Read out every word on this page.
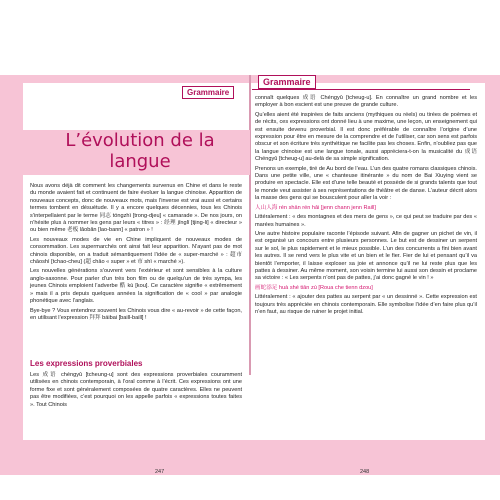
Grammaire
Grammaire
L’évolution de la langue

Nous avons déjà dit comment les changements survenus en Chine et dans le reste du monde avaient fait et continuent de faire évoluer la langue chinoise. Apparition de nouveaux concepts, donc de nouveaux mots, mais l’inverse est vrai aussi et certains termes tombent en désuétude. Il y a encore quelques décennies, tous les Chinois s’interpellaient par le terme 同志 tóngzhì [trong-djeu] « camarade ». De nos jours, on n’hésite plus à nommer les gens par leurs « titres » : 经理 jīnglǐ [tjing-li] « directeur » ou bien même 老板 lǎobǎn [lao-bann] « patron » !

Les nouveaux modes de vie en Chine impliquent de nouveaux modes de consommation. Les supermarchés ont ainsi fait leur apparition. N’ayant pas de mot chinois disponible, on a traduit sémantiquement l’idée de « super-marché » : 超市 chāoshì [tchao-cheu] (超 chāo « super » et 市 shì « marché »).

Les nouvelles générations s’ouvrent vers l’extérieur et sont sensibles à la culture anglo-saxonne. Pour parler d’un très bon film ou de quelqu’un de très sympa, les jeunes Chinois emploient l’adverbe 酷 kù [kou]. Ce caractère signifie « extrêmement » mais il a pris depuis quelques années la signification de « cool » par analogie phonétique avec l’anglais.

Bye-bye ? Vous entendrez souvent les Chinois vous dire « au-revoir » de cette façon, en utilisant l’expression 拜拜 báibai [baill-baill] !

Les expressions proverbiales

Les 成语 chéngyǔ [tcheung-u] sont des expressions proverbiales couramment utilisées en chinois contemporain, à l’oral comme à l’écrit. Ces expressions ont une forme fixe et sont généralement composées de quatre caractères. Elles ne peuvent pas être modifiées, c’est pourquoi on les appelle parfois « expressions toutes faites ». Tout Chinois

247

connaît quelques 成语 Chéngyǔ [tcheug-u]. En connaître un grand nombre et les employer à bon escient est une preuve de grande culture.

Qu’elles aient été inspirées de faits anciens (mythiques ou réels) ou tirées de poèmes et de récits, ces expressions ont donné lieu à une maxime, une leçon, un enseignement qui est ensuite devenu proverbial. Il est donc préférable de connaître l’origine d’une expression pour être en mesure de la comprendre et de l’utiliser, car son sens est parfois obscur et son écriture très synthétique ne facilite pas les choses. Enfin, n’oubliez pas que la langue chinoise est une langue tonale, aussi appréciera-t-on la musicalité du 成语 Chéngyǔ [tcheug-u] au-delà de sa simple signification.

Prenons un exemple, tiré de Au bord de l’eau. L’un des quatre romans classiques chinois. Dans une petite ville, une « chanteuse itinérante » du nom de Bai Xiuying vient se produire en spectacle. Elle est d’une telle beauté et possède de si grands talents que tout le monde veut assister à ses représentations de théâtre et de danse. L’auteur décrit alors la masse des gens qui se bousculent pour aller la voir :

人山人海 rén shān rén hǎi [jenn chann jenn Raill]

Littéralement : « des montagnes et des mers de gens », ce qui peut se traduire par des « marées humaines ».

Une autre histoire populaire raconte l’épisode suivant. Afin de gagner un pichet de vin, il est organisé un concours entre plusieurs personnes. Le but est de dessiner un serpent sur le sol, le plus rapidement et le mieux possible. L’un des concurrents a fini bien avant les autres. Il se rend vers le plus vite et un bien et le fier. Fier de lui et pensant qu’il va bientôt l’emporter, il laisse exploser sa joie et annonce qu’il ne lui reste plus que les pattes à dessiner. Au même moment, son voisin termine lui aussi son dessin et proclame sa victoire : « Les serpents n’ont pas de pattes, j’ai donc gagné le vin ! »

画蛇添足 huà shé tiān zú [Roua che tienn dzou]

Littéralement : « ajouter des pattes au serpent par « un dessinné ». Cette expression est toujours très appréciée en chinois contemporain. Elle symbolise l’idée d’en faire plus qu’il n’en faut, au risque de ruiner le projet initial.

248
